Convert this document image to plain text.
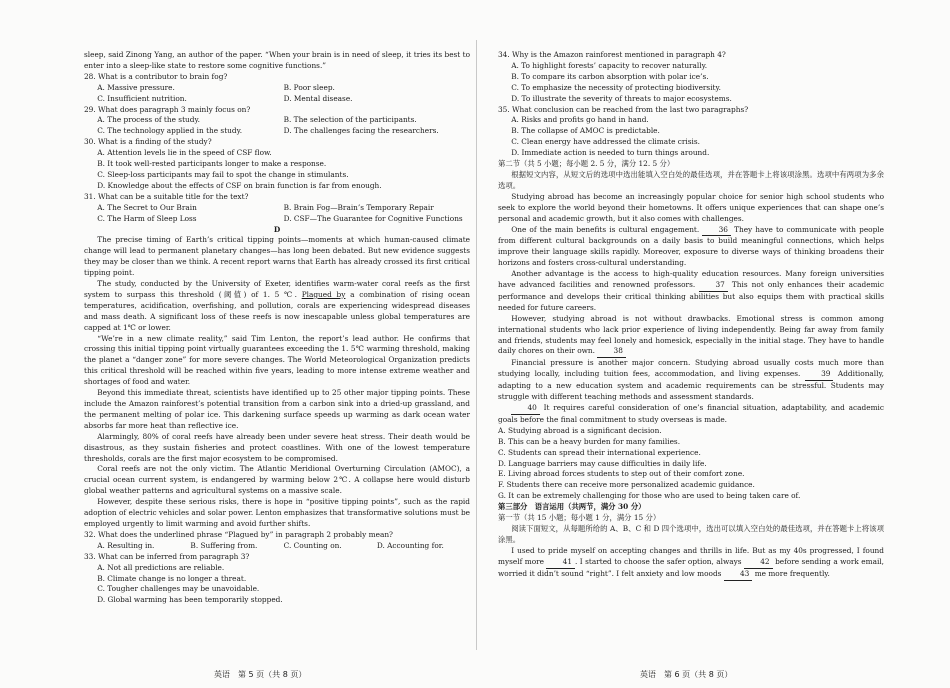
sleep, said Zinong Yang, an author of the paper. “When your brain is in need of sleep, it tries its best to enter into a sleep-like state to restore some cognitive functions.”

28. What is a contributor to brain fog?

A. Massive pressure.	B. Poor sleep.
C. Insufficient nutrition.	D. Mental disease.

29. What does paragraph 3 mainly focus on?

A. The process of the study.	B. The selection of the participants.
C. The technology applied in the study.	D. The challenges facing the researchers.

30. What is a finding of the study?

A. Attention levels lie in the speed of CSF flow.

B. It took well-rested participants longer to make a response.

C. Sleep-loss participants may fail to spot the change in stimulants.

D. Knowledge about the effects of CSF on brain function is far from enough.

31. What can be a suitable title for the text?

A. The Secret to Our Brain	B. Brain Fog—Brain’s Temporary Repair
C. The Harm of Sleep Loss	D. CSF—The Guarantee for Cognitive Functions

D

The precise timing of Earth’s critical tipping points—moments at which human-caused climate change will lead to permanent planetary changes—has long been debated. But new evidence suggests they may be closer than we think. A recent report warns that Earth has already crossed its first critical tipping point.

The study, conducted by the University of Exeter, identifies warm-water coral reefs as the first system to surpass this threshold (阈值) of 1. 5 ℃. Plagued by a combination of rising ocean temperatures, acidification, overfishing, and pollution, corals are experiencing widespread diseases and mass death. A significant loss of these reefs is now inescapable unless global temperatures are capped at 1℃ or lower.

“We’re in a new climate reality,” said Tim Lenton, the report’s lead author. He confirms that crossing this initial tipping point virtually guarantees exceeding the 1. 5℃ warming threshold, making the planet a “danger zone” for more severe changes. The World Meteorological Organization predicts this critical threshold will be reached within five years, leading to more intense extreme weather and shortages of food and water.

Beyond this immediate threat, scientists have identified up to 25 other major tipping points. These include the Amazon rainforest’s potential transition from a carbon sink into a dried-up grassland, and the permanent melting of polar ice. This darkening surface speeds up warming as dark ocean water absorbs far more heat than reflective ice.

Alarmingly, 80% of coral reefs have already been under severe heat stress. Their death would be disastrous, as they sustain fisheries and protect coastlines. With one of the lowest temperature thresholds, corals are the first major ecosystem to be compromised.

Coral reefs are not the only victim. The Atlantic Meridional Overturning Circulation (AMOC), a crucial ocean current system, is endangered by warming below 2℃. A collapse here would disturb global weather patterns and agricultural systems on a massive scale.

However, despite these serious risks, there is hope in “positive tipping points”, such as the rapid adoption of electric vehicles and solar power. Lenton emphasizes that transformative solutions must be employed urgently to limit warming and avoid further shifts.

32. What does the underlined phrase “Plagued by” in paragraph 2 probably mean?

A. Resulting in.	B. Suffering from.	C. Counting on.	D. Accounting for.

33. What can be inferred from paragraph 3?

A. Not all predictions are reliable.

B. Climate change is no longer a threat.

C. Tougher challenges may be unavoidable.

D. Global warming has been temporarily stopped.

34. Why is the Amazon rainforest mentioned in paragraph 4?

A. To highlight forests’ capacity to recover naturally.

B. To compare its carbon absorption with polar ice’s.

C. To emphasize the necessity of protecting biodiversity.

D. To illustrate the severity of threats to major ecosystems.

35. What conclusion can be reached from the last two paragraphs?

A. Risks and profits go hand in hand.

B. The collapse of AMOC is predictable.

C. Clean energy have addressed the climate crisis.

D. Immediate action is needed to turn things around.

第二节（共 5 小题；每小题 2. 5 分，满分 12. 5 分）

根据短文内容，从短文后的选项中选出能填入空白处的最佳选项，并在答题卡上将该项涂黑。选项中有两项为多余选项。

Studying abroad has become an increasingly popular choice for senior high school students who seek to explore the world beyond their hometowns. It offers unique experiences that can shape one’s personal and academic growth, but it also comes with challenges.

One of the main benefits is cultural engagement.	36 They have to communicate with people from different cultural backgrounds on a daily basis to build meaningful connections, which helps improve their language skills rapidly. Moreover, exposure to diverse ways of thinking broadens their horizons and fosters cross-cultural understanding.

Another advantage is the access to high-quality education resources. Many foreign universities have advanced facilities and renowned professors.	37 This not only enhances their academic performance and develops their critical thinking abilities but also equips them with practical skills needed for future careers.

However, studying abroad is not without drawbacks. Emotional stress is common among international students who lack prior experience of living independently. Being far away from family and friends, students may feel lonely and homesick, especially in the initial stage. They have to handle daily chores on their own.	38

Financial pressure is another major concern. Studying abroad usually costs much more than studying locally, including tuition fees, accommodation, and living expenses.	39 Additionally, adapting to a new education system and academic requirements can be stressful. Students may struggle with different teaching methods and assessment standards.

40 It requires careful consideration of one’s financial situation, adaptability, and academic goals before the final commitment to study overseas is made.

A. Studying abroad is a significant decision.

B. This can be a heavy burden for many families.

C. Students can spread their international experience.

D. Language barriers may cause difficulties in daily life.

E. Living abroad forces students to step out of their comfort zone.

F. Students there can receive more personalized academic guidance.

G. It can be extremely challenging for those who are used to being taken care of.

第三部分　语言运用（共两节，满分 30 分）

第一节（共 15 小题；每小题 1 分，满分 15 分）

阅读下面短文，从每题所给的 A、B、C 和 D 四个选项中，选出可以填入空白处的最佳选项，并在答题卡上将该项涂黑。

I used to pride myself on accepting changes and thrills in life. But as my 40s progressed, I found myself more	41 . I started to choose the safer option, always	42 before sending a work email, worried it didn’t sound “right”. I felt anxiety and low moods	43 me more frequently.

英语　第 5 页（共 8 页）	英语　第 6 页（共 8 页）
